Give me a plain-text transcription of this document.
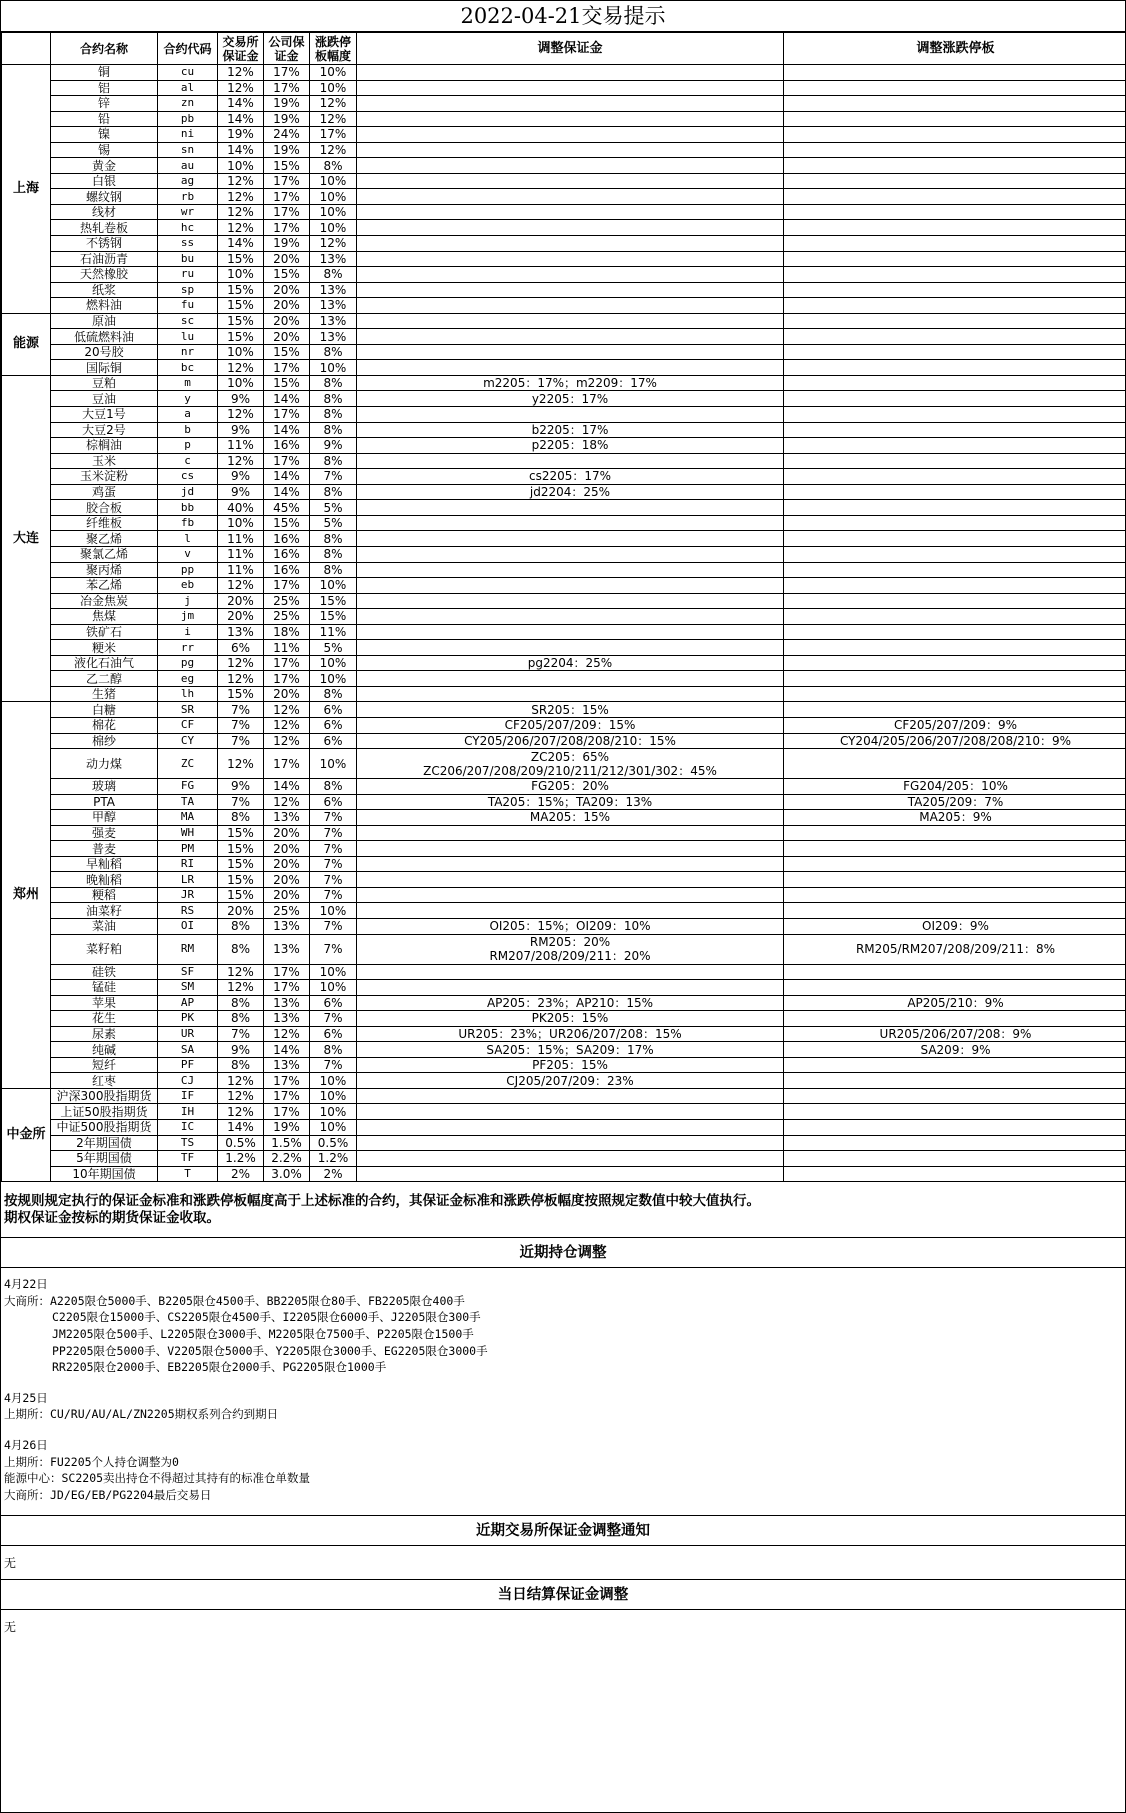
2022-04-21交易提示
	合约名称	合约代码	交易所保证金	公司保证金	涨跌停板幅度	调整保证金	调整涨跌停板
上海	铜	cu	12%	17%	10%		
	铝	al	12%	17%	10%		
	锌	zn	14%	19%	12%		
	铅	pb	14%	19%	12%		
	镍	ni	19%	24%	17%		
	锡	sn	14%	19%	12%		
	黄金	au	10%	15%	8%		
	白银	ag	12%	17%	10%		
	螺纹钢	rb	12%	17%	10%		
	线材	wr	12%	17%	10%		
	热轧卷板	hc	12%	17%	10%		
	不锈钢	ss	14%	19%	12%		
	石油沥青	bu	15%	20%	13%		
	天然橡胶	ru	10%	15%	8%		
	纸浆	sp	15%	20%	13%		
	燃料油	fu	15%	20%	13%		
能源	原油	sc	15%	20%	13%		
	低硫燃料油	lu	15%	20%	13%		
	20号胶	nr	10%	15%	8%		
	国际铜	bc	12%	17%	10%		
大连	豆粕	m	10%	15%	8%	m2205：17%；m2209：17%	
	豆油	y	9%	14%	8%	y2205：17%	
	大豆1号	a	12%	17%	8%		
	大豆2号	b	9%	14%	8%	b2205：17%	
	棕榈油	p	11%	16%	9%	p2205：18%	
	玉米	c	12%	17%	8%		
	玉米淀粉	cs	9%	14%	7%	cs2205：17%	
	鸡蛋	jd	9%	14%	8%	jd2204：25%	
	胶合板	bb	40%	45%	5%		
	纤维板	fb	10%	15%	5%		
	聚乙烯	l	11%	16%	8%		
	聚氯乙烯	v	11%	16%	8%		
	聚丙烯	pp	11%	16%	8%		
	苯乙烯	eb	12%	17%	10%		
	冶金焦炭	j	20%	25%	15%		
	焦煤	jm	20%	25%	15%		
	铁矿石	i	13%	18%	11%		
	粳米	rr	6%	11%	5%		
	液化石油气	pg	12%	17%	10%	pg2204：25%	
	乙二醇	eg	12%	17%	10%		
	生猪	lh	15%	20%	8%		
郑州	白糖	SR	7%	12%	6%	SR205：15%	
	棉花	CF	7%	12%	6%	CF205/207/209：15%	CF205/207/209：9%
	棉纱	CY	7%	12%	6%	CY205/206/207/208/208/210：15%	CY204/205/206/207/208/208/210：9%
	动力煤	ZC	12%	17%	10%	ZC205：65%
ZC206/207/208/209/210/211/212/301/302：45%	
	玻璃	FG	9%	14%	8%	FG205：20%	FG204/205：10%
	PTA	TA	7%	12%	6%	TA205：15%；TA209：13%	TA205/209：7%
	甲醇	MA	8%	13%	7%	MA205：15%	MA205：9%
	强麦	WH	15%	20%	7%		
	普麦	PM	15%	20%	7%		
	早籼稻	RI	15%	20%	7%		
	晚籼稻	LR	15%	20%	7%		
	粳稻	JR	15%	20%	7%		
	油菜籽	RS	20%	25%	10%		
	菜油	OI	8%	13%	7%	OI205：15%；OI209：10%	OI209：9%
	菜籽粕	RM	8%	13%	7%	RM205：20%
RM207/208/209/211：20%	RM205/RM207/208/209/211：8%
	硅铁	SF	12%	17%	10%		
	锰硅	SM	12%	17%	10%		
	苹果	AP	8%	13%	6%	AP205：23%；AP210：15%	AP205/210：9%
	花生	PK	8%	13%	7%	PK205：15%	
	尿素	UR	7%	12%	6%	UR205：23%；UR206/207/208：15%	UR205/206/207/208：9%
	纯碱	SA	9%	14%	8%	SA205：15%；SA209：17%	SA209：9%
	短纤	PF	8%	13%	7%	PF205：15%	
	红枣	CJ	12%	17%	10%	CJ205/207/209：23%	
中金所	沪深300股指期货	IF	12%	17%	10%		
	上证50股指期货	IH	12%	17%	10%		
	中证500股指期货	IC	14%	19%	10%		
	2年期国债	TS	0.5%	1.5%	0.5%		
	5年期国债	TF	1.2%	2.2%	1.2%		
	10年期国债	T	2%	3.0%	2%		
按规则规定执行的保证金标准和涨跌停板幅度高于上述标准的合约，其保证金标准和涨跌停板幅度按照规定数值中较大值执行。
期权保证金按标的期货保证金收取。
近期持仓调整
4月22日
大商所：A2205限仓5000手、B2205限仓4500手、BB2205限仓80手、FB2205限仓400手
C2205限仓15000手、CS2205限仓4500手、I2205限仓6000手、J2205限仓300手
JM2205限仓500手、L2205限仓3000手、M2205限仓7500手、P2205限仓1500手
PP2205限仓5000手、V2205限仓5000手、Y2205限仓3000手、EG2205限仓3000手
RR2205限仓2000手、EB2205限仓2000手、PG2205限仓1000手
4月25日
上期所：CU/RU/AU/AL/ZN2205期权系列合约到期日
4月26日
上期所：FU2205个人持仓调整为0
能源中心：SC2205卖出持仓不得超过其持有的标准仓单数量
大商所：JD/EG/EB/PG2204最后交易日
近期交易所保证金调整通知
无
当日结算保证金调整
无
